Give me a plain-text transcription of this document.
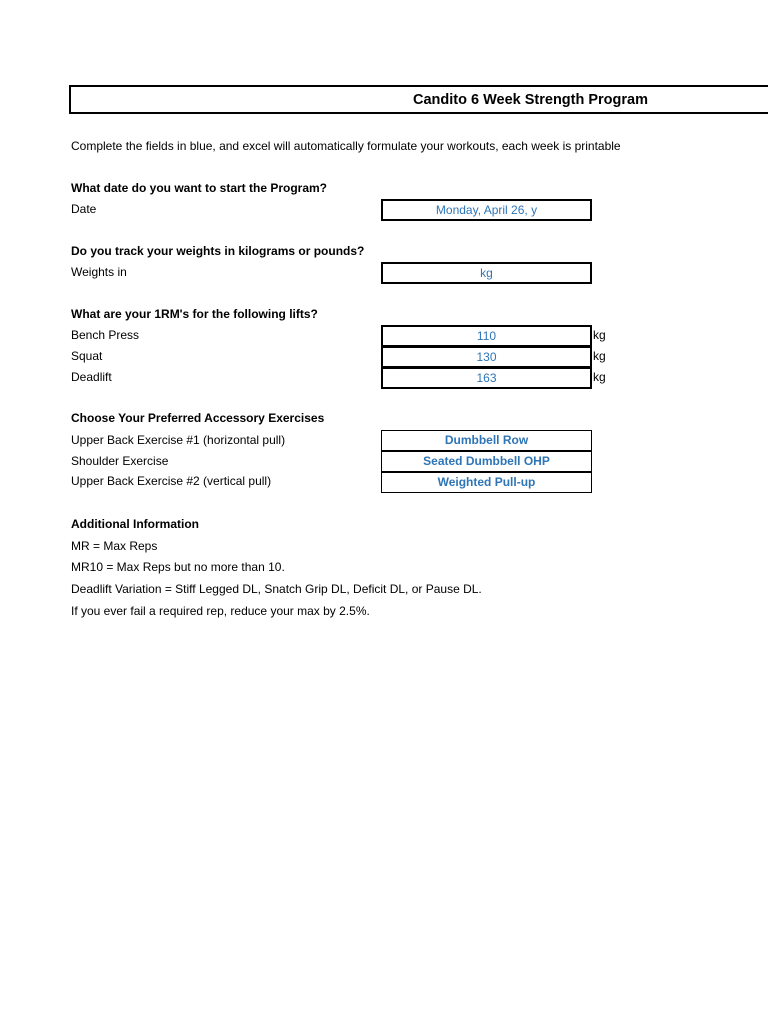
Candito 6 Week Strength Program
Complete the fields in blue, and excel will automatically formulate your workouts, each week is printable
What date do you want to start the Program?
Date	Monday, April 26, y
Do you track your weights in kilograms or pounds?
Weights in	kg
What are your 1RM's for the following lifts?
Bench Press	110	kg
Squat	130	kg
Deadlift	163	kg
Choose Your Preferred Accessory Exercises
Upper Back Exercise #1 (horizontal pull)	Dumbbell Row
Shoulder Exercise	Seated Dumbbell OHP
Upper Back Exercise #2 (vertical pull)	Weighted Pull-up
Additional Information
MR = Max Reps
MR10 = Max Reps but no more than 10.
Deadlift Variation = Stiff Legged DL, Snatch Grip DL, Deficit DL, or Pause DL.
If you ever fail a required rep, reduce your max by 2.5%.
